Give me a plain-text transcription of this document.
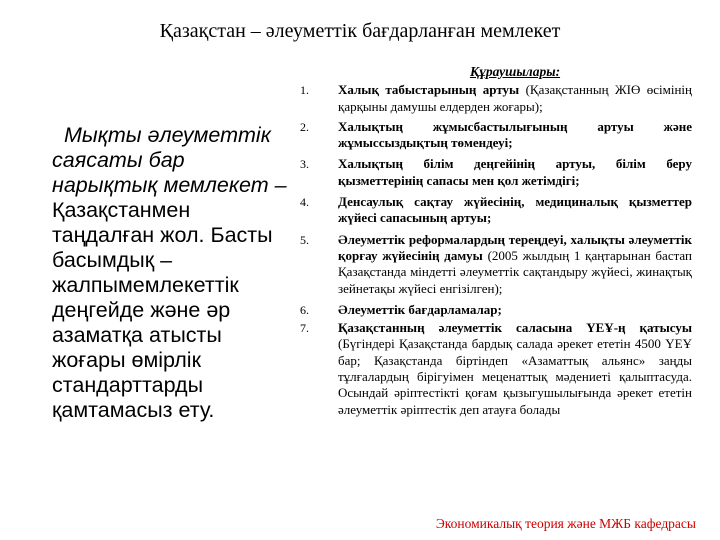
Қазақстан – әлеуметтік бағдарланған мемлекет
Мықты әлеуметтік саясаты бар нарықтық мемлекет – Қазақстанмен таңдалған жол. Басты басымдық – жалпымемлекеттік деңгейде және әр азаматқа атысты жоғары өмірлік стандарттарды қамтамасыз ету.
Құраушылары:
1.	Халық табыстарының артуы (Қазақстанның ЖІӨ өсімінің қарқыны дамушы елдерден жоғары);
2.	Халықтың жұмысбастылығының артуы және жұмыссыздықтың төмендеуі;
3.	Халықтың білім деңгейінің артуы, білім беру қызметтерінің сапасы мен қол жетімдігі;
4.	Денсаулық сақтау жүйесінің, медициналық қызметтер жүйесі сапасының артуы;
5.	Әлеуметтік реформалардың тереңдеуі, халықты әлеуметтік қорғау жүйесінің дамуы (2005 жылдың 1 қаңтарынан бастап Қазақстанда міндетті әлеуметтік сақтандыру жүйесі, жинақтық зейнетақы жүйесі енгізілген);
6.	Әлеуметтік бағдарламалар;
7.	Қазақстанның әлеуметтік саласына ҮЕҰ-ң қатысуы (Бүгіндері Қазақстанда бардық салада әрекет ететін 4500 ҮЕҰ бар; Қазақстанда біртіндеп «Азаматтық альянс» заңды тұлғалардың бірігуімен меценаттық мәдениеті қалыптасуда. Осындай әріптестікті қоғам қызыгушылығында әрекет ететін әлеуметтік әріптестік деп атауға болады
Экономикалық теория және МЖБ кафедрасы
